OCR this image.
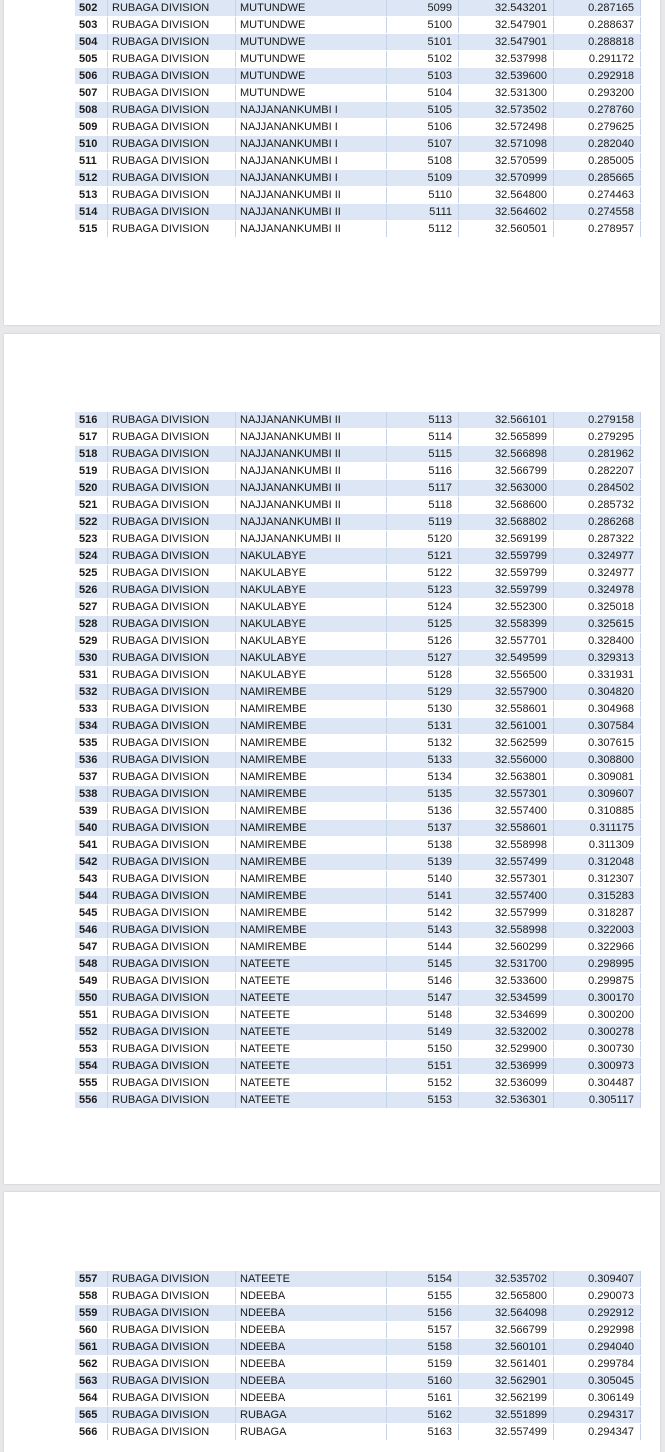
502	RUBAGA DIVISION	MUTUNDWE	5099	32.543201	0.287165
503	RUBAGA DIVISION	MUTUNDWE	5100	32.547901	0.288637
504	RUBAGA DIVISION	MUTUNDWE	5101	32.547901	0.288818
505	RUBAGA DIVISION	MUTUNDWE	5102	32.537998	0.291172
506	RUBAGA DIVISION	MUTUNDWE	5103	32.539600	0.292918
507	RUBAGA DIVISION	MUTUNDWE	5104	32.531300	0.293200
508	RUBAGA DIVISION	NAJJANANKUMBI I	5105	32.573502	0.278760
509	RUBAGA DIVISION	NAJJANANKUMBI I	5106	32.572498	0.279625
510	RUBAGA DIVISION	NAJJANANKUMBI I	5107	32.571098	0.282040
511	RUBAGA DIVISION	NAJJANANKUMBI I	5108	32.570599	0.285005
512	RUBAGA DIVISION	NAJJANANKUMBI I	5109	32.570999	0.285665
513	RUBAGA DIVISION	NAJJANANKUMBI II	5110	32.564800	0.274463
514	RUBAGA DIVISION	NAJJANANKUMBI II	5111	32.564602	0.274558
515	RUBAGA DIVISION	NAJJANANKUMBI II	5112	32.560501	0.278957
516	RUBAGA DIVISION	NAJJANANKUMBI II	5113	32.566101	0.279158
517	RUBAGA DIVISION	NAJJANANKUMBI II	5114	32.565899	0.279295
518	RUBAGA DIVISION	NAJJANANKUMBI II	5115	32.566898	0.281962
519	RUBAGA DIVISION	NAJJANANKUMBI II	5116	32.566799	0.282207
520	RUBAGA DIVISION	NAJJANANKUMBI II	5117	32.563000	0.284502
521	RUBAGA DIVISION	NAJJANANKUMBI II	5118	32.568600	0.285732
522	RUBAGA DIVISION	NAJJANANKUMBI II	5119	32.568802	0.286268
523	RUBAGA DIVISION	NAJJANANKUMBI II	5120	32.569199	0.287322
524	RUBAGA DIVISION	NAKULABYE	5121	32.559799	0.324977
525	RUBAGA DIVISION	NAKULABYE	5122	32.559799	0.324977
526	RUBAGA DIVISION	NAKULABYE	5123	32.559799	0.324978
527	RUBAGA DIVISION	NAKULABYE	5124	32.552300	0.325018
528	RUBAGA DIVISION	NAKULABYE	5125	32.558399	0.325615
529	RUBAGA DIVISION	NAKULABYE	5126	32.557701	0.328400
530	RUBAGA DIVISION	NAKULABYE	5127	32.549599	0.329313
531	RUBAGA DIVISION	NAKULABYE	5128	32.556500	0.331931
532	RUBAGA DIVISION	NAMIREMBE	5129	32.557900	0.304820
533	RUBAGA DIVISION	NAMIREMBE	5130	32.558601	0.304968
534	RUBAGA DIVISION	NAMIREMBE	5131	32.561001	0.307584
535	RUBAGA DIVISION	NAMIREMBE	5132	32.562599	0.307615
536	RUBAGA DIVISION	NAMIREMBE	5133	32.556000	0.308800
537	RUBAGA DIVISION	NAMIREMBE	5134	32.563801	0.309081
538	RUBAGA DIVISION	NAMIREMBE	5135	32.557301	0.309607
539	RUBAGA DIVISION	NAMIREMBE	5136	32.557400	0.310885
540	RUBAGA DIVISION	NAMIREMBE	5137	32.558601	0.311175
541	RUBAGA DIVISION	NAMIREMBE	5138	32.558998	0.311309
542	RUBAGA DIVISION	NAMIREMBE	5139	32.557499	0.312048
543	RUBAGA DIVISION	NAMIREMBE	5140	32.557301	0.312307
544	RUBAGA DIVISION	NAMIREMBE	5141	32.557400	0.315283
545	RUBAGA DIVISION	NAMIREMBE	5142	32.557999	0.318287
546	RUBAGA DIVISION	NAMIREMBE	5143	32.558998	0.322003
547	RUBAGA DIVISION	NAMIREMBE	5144	32.560299	0.322966
548	RUBAGA DIVISION	NATEETE	5145	32.531700	0.298995
549	RUBAGA DIVISION	NATEETE	5146	32.533600	0.299875
550	RUBAGA DIVISION	NATEETE	5147	32.534599	0.300170
551	RUBAGA DIVISION	NATEETE	5148	32.534699	0.300200
552	RUBAGA DIVISION	NATEETE	5149	32.532002	0.300278
553	RUBAGA DIVISION	NATEETE	5150	32.529900	0.300730
554	RUBAGA DIVISION	NATEETE	5151	32.536999	0.300973
555	RUBAGA DIVISION	NATEETE	5152	32.536099	0.304487
556	RUBAGA DIVISION	NATEETE	5153	32.536301	0.305117
557	RUBAGA DIVISION	NATEETE	5154	32.535702	0.309407
558	RUBAGA DIVISION	NDEEBA	5155	32.565800	0.290073
559	RUBAGA DIVISION	NDEEBA	5156	32.564098	0.292912
560	RUBAGA DIVISION	NDEEBA	5157	32.566799	0.292998
561	RUBAGA DIVISION	NDEEBA	5158	32.560101	0.294040
562	RUBAGA DIVISION	NDEEBA	5159	32.561401	0.299784
563	RUBAGA DIVISION	NDEEBA	5160	32.562901	0.305045
564	RUBAGA DIVISION	NDEEBA	5161	32.562199	0.306149
565	RUBAGA DIVISION	RUBAGA	5162	32.551899	0.294317
566	RUBAGA DIVISION	RUBAGA	5163	32.557499	0.294347
